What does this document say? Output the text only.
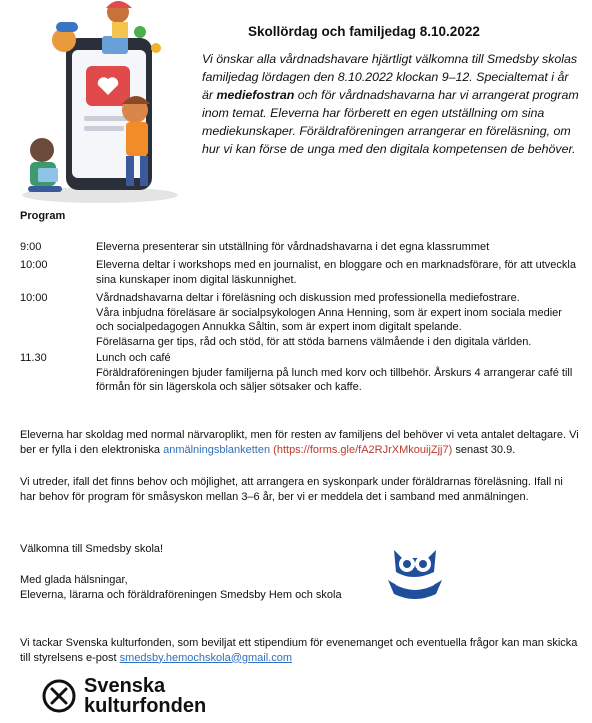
Skollördag och familjedag 8.10.2022
Vi önskar alla vårdnadshavare hjärtligt välkomna till Smedsby skolas familjedag lördagen den 8.10.2022 klockan 9–12. Specialtemat i år är mediefostran och för vårdnadshavarna har vi arrangerat program inom temat. Eleverna har förberett en egen utställning om sina mediekunskaper. Föräldraföreningen arrangerar en föreläsning, om hur vi kan förse de unga med den digitala kompetensen de behöver.
Program
9:00	Eleverna presenterar sin utställning för vårdnadshavarna i det egna klassrummet
10:00	Eleverna deltar i workshops med en journalist, en bloggare och en marknadsförare, för att utveckla sina kunskaper inom digital läskunnighet.
10:00	Vårdnadshavarna deltar i föreläsning och diskussion med professionella mediefostrare.
Våra inbjudna föreläsare är socialpsykologen Anna Henning, som är expert inom sociala medier och socialpedagogen Annukka Såltin, som är expert inom digitalt spelande.
Föreläsarna ger tips, råd och stöd, för att stöda barnens välmående i den digitala världen.
11.30	Lunch och café
Föräldraföreningen bjuder familjerna på lunch med korv och tillbehör. Årskurs 4 arrangerar café till förmån för sin lägerskola och säljer sötsaker och kaffe.
Eleverna har skoldag med normal närvaroplikt, men för resten av familjens del behöver vi veta antalet deltagare. Vi ber er fylla i den elektroniska anmälningsblanketten (https://forms.gle/fA2RJrXMkouijZjj7) senast 30.9.
Vi utreder, ifall det finns behov och möjlighet, att arrangera en syskonpark under föräldrarnas föreläsning. Ifall ni har behov för program för småsyskon mellan 3–6 år, ber vi er meddela det i samband med anmälningen.
Välkomna till Smedsby skola!
Med glada hälsningar,
Eleverna, lärarna och föräldraföreningen Smedsby Hem och skola
Vi tackar Svenska kulturfonden, som beviljat ett stipendium för evenemanget och eventuella frågor kan man skicka till styrelsens e-post smedsby.hemochskola@gmail.com
Svenska
kulturfonden
